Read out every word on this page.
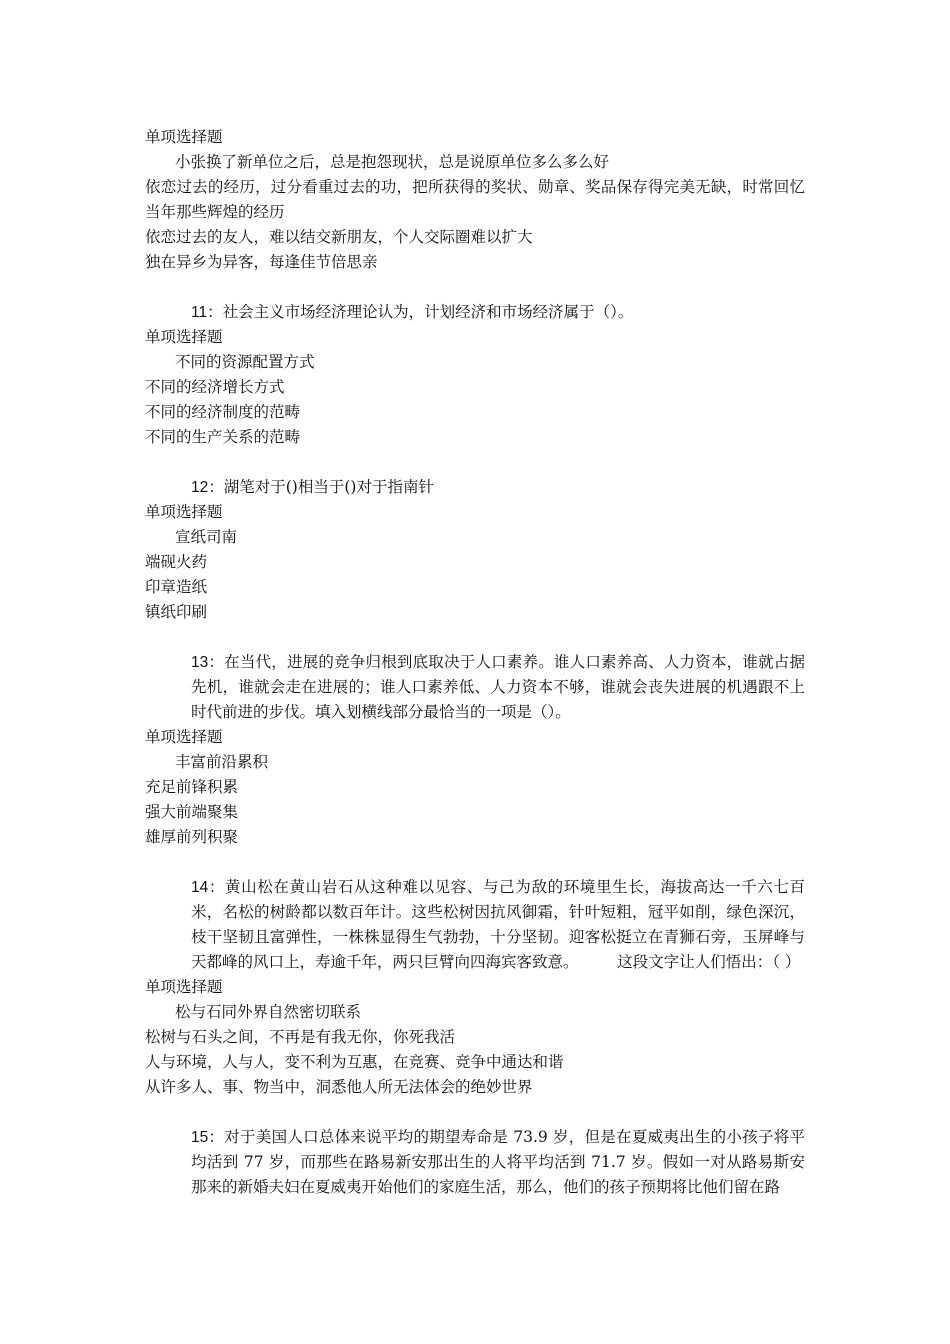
单项选择题
小张换了新单位之后，总是抱怨现状，总是说原单位多么多么好
依恋过去的经历，过分看重过去的功，把所获得的奖状、勋章、奖品保存得完美无缺，时常回忆当年那些辉煌的经历
依恋过去的友人，难以结交新朋友，个人交际圈难以扩大
独在异乡为异客，每逢佳节倍思亲
11：社会主义市场经济理论认为，计划经济和市场经济属于（）。
单项选择题
不同的资源配置方式
不同的经济增长方式
不同的经济制度的范畴
不同的生产关系的范畴
12：湖笔对于()相当于()对于指南针
单项选择题
宣纸司南
端砚火药
印章造纸
镇纸印刷
13：在当代，进展的竞争归根到底取决于人口素养。谁人口素养高、人力资本，谁就占据先机，谁就会走在进展的；谁人口素养低、人力资本不够，谁就会丧失进展的机遇跟不上时代前进的步伐。填入划横线部分最恰当的一项是（）。
单项选择题
丰富前沿累积
充足前锋积累
强大前端聚集
雄厚前列积聚
14：黄山松在黄山岩石从这种难以见容、与己为敌的环境里生长，海拔高达一千六七百米，名松的树龄都以数百年计。这些松树因抗风御霜，针叶短粗，冠平如削，绿色深沉，枝干坚韧且富弹性，一株株显得生气勃勃，十分坚韧。迎客松挺立在青狮石旁，玉屏峰与天都峰的风口上，寿逾千年，两只巨臂向四海宾客致意。　　　这段文字让人们悟出：（ ）
单项选择题
松与石同外界自然密切联系
松树与石头之间，不再是有我无你，你死我活
人与环境，人与人，变不利为互惠，在竞赛、竞争中通达和谐
从许多人、事、物当中，洞悉他人所无法体会的绝妙世界
15：对于美国人口总体来说平均的期望寿命是 73.9 岁，但是在夏威夷出生的小孩子将平均活到 77 岁，而那些在路易新安那出生的人将平均活到 71.7 岁。假如一对从路易斯安那来的新婚夫妇在夏威夷开始他们的家庭生活，那么，他们的孩子预期将比他们留在路
